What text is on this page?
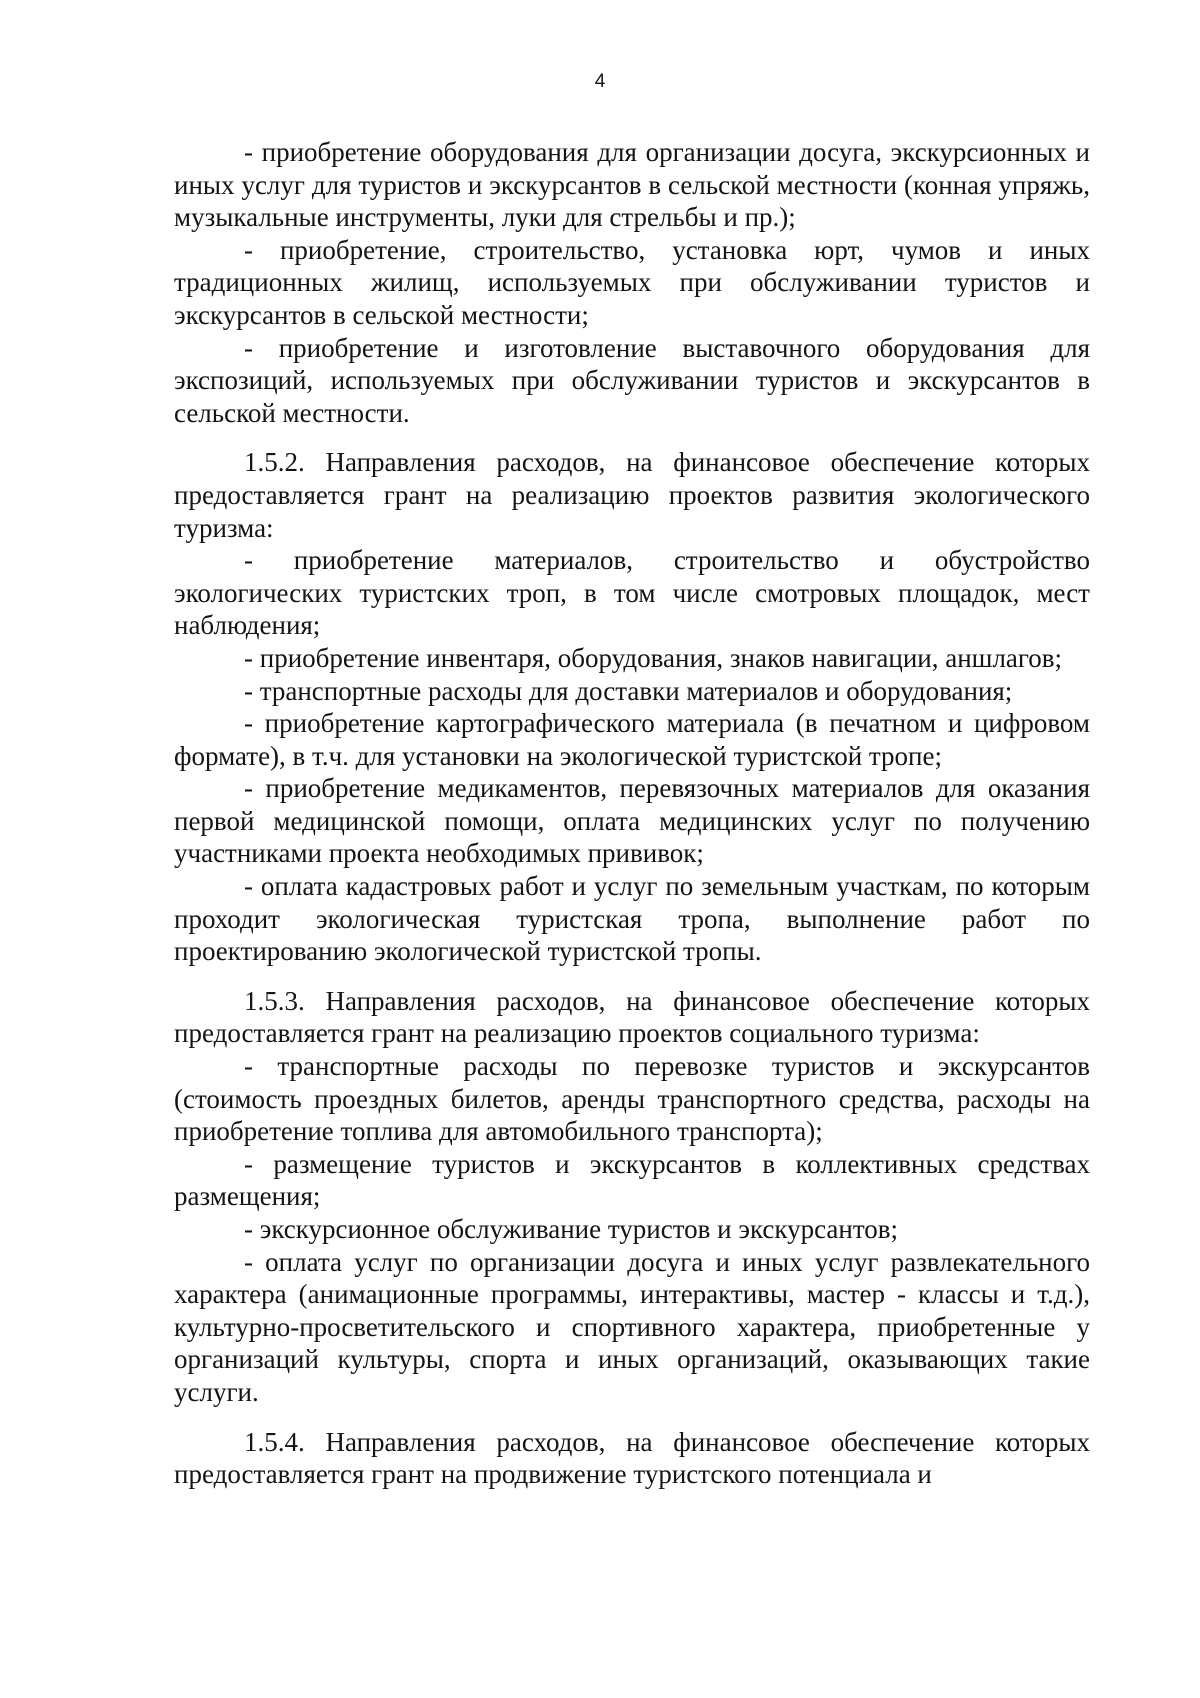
4

- приобретение оборудования для организации досуга, экскурсионных и иных услуг для туристов и экскурсантов в сельской местности (конная упряжь, музыкальные инструменты, луки для стрельбы и пр.);

- приобретение, строительство, установка юрт, чумов и иных традиционных жилищ, используемых при обслуживании туристов и экскурсантов в сельской местности;

- приобретение и изготовление выставочного оборудования для экспозиций, используемых при обслуживании туристов и экскурсантов в сельской местности.

1.5.2. Направления расходов, на финансовое обеспечение которых предоставляется грант на реализацию проектов развития экологического туризма:

- приобретение материалов, строительство и обустройство экологических туристских троп, в том числе смотровых площадок, мест наблюдения;

- приобретение инвентаря, оборудования, знаков навигации, аншлагов;

- транспортные расходы для доставки материалов и оборудования;

- приобретение картографического материала (в печатном и цифровом формате), в т.ч. для установки на экологической туристской тропе;

- приобретение медикаментов, перевязочных материалов для оказания первой медицинской помощи, оплата медицинских услуг по получению участниками проекта необходимых прививок;

- оплата кадастровых работ и услуг по земельным участкам, по которым проходит экологическая туристская тропа, выполнение работ по проектированию экологической туристской тропы.

1.5.3. Направления расходов, на финансовое обеспечение которых предоставляется грант на реализацию проектов социального туризма:

- транспортные расходы по перевозке туристов и экскурсантов (стоимость проездных билетов, аренды транспортного средства, расходы на приобретение топлива для автомобильного транспорта);

- размещение туристов и экскурсантов в коллективных средствах размещения;

- экскурсионное обслуживание туристов и экскурсантов;

- оплата услуг по организации досуга и иных услуг развлекательного характера (анимационные программы, интерактивы, мастер - классы и т.д.), культурно-просветительского и спортивного характера, приобретенные у организаций культуры, спорта и иных организаций, оказывающих такие услуги.

1.5.4. Направления расходов, на финансовое обеспечение которых предоставляется грант на продвижение туристского потенциала и
